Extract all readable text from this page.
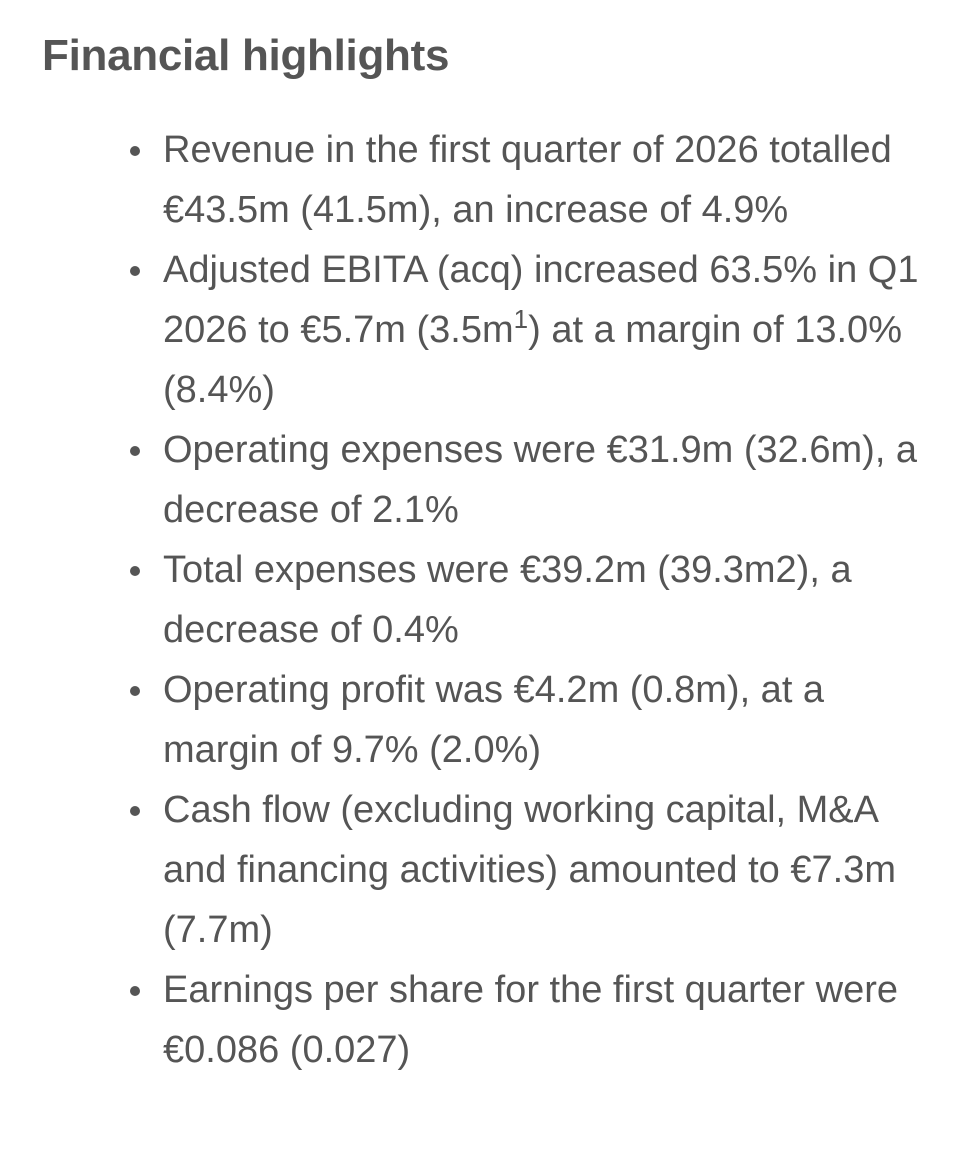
Financial highlights
Revenue in the first quarter of 2026 totalled €43.5m (41.5m), an increase of 4.9%
Adjusted EBITA (acq) increased 63.5% in Q1 2026 to €5.7m $(3.5m^1)$ at a margin of 13.0% (8.4%)
Operating expenses were €31.9m (32.6m), a decrease of 2.1%
Total expenses were €39.2m (39.3m2), a decrease of 0.4%
Operating profit was €4.2m (0.8m), at a margin of 9.7% (2.0%)
Cash flow (excluding working capital, M&A and financing activities) amounted to €7.3m (7.7m)
Earnings per share for the first quarter were €0.086 (0.027)
